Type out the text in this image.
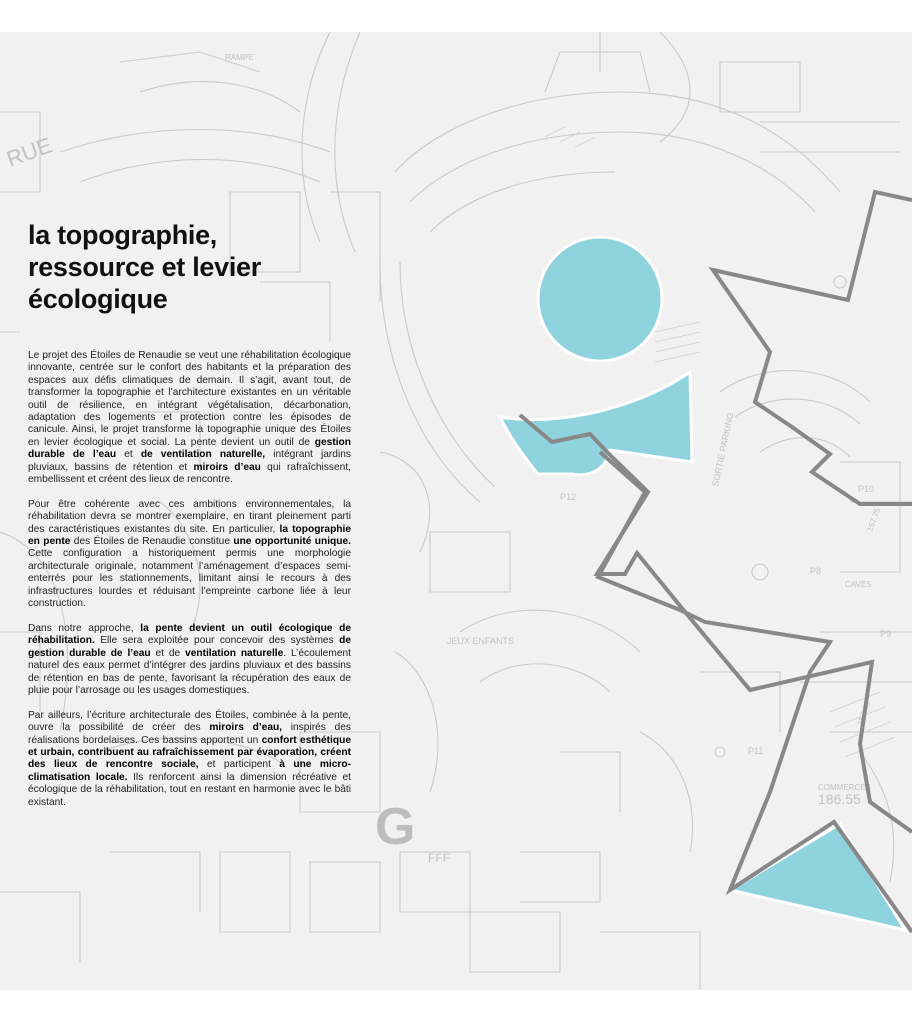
RUE
RAMPE
SORTIE PARKING
JEUX ENFANTS
CAVES
COMMERCES
186.55
157.75
157.45
G
FFF
P8
P9
P10
P11
P12
la topographie,
ressource et levier
écologique

Le projet des Étoiles de Renaudie se veut une réhabilitation écologique innovante, centrée sur le confort des habitants et la préparation des espaces aux défis climatiques de demain. Il s’agit, avant tout, de transformer la topographie et l’architecture existantes en un véritable outil de résilience, en intégrant végétalisation, décarbonation, adaptation des logements et protection contre les épisodes de canicule. Ainsi, le projet transforme la topographie unique des Étoiles en levier écologique et social. La pente devient un outil de gestion durable de l’eau et de ventilation naturelle, intégrant jardins pluviaux, bassins de rétention et miroirs d’eau qui rafraîchissent, embellissent et créent des lieux de rencontre.

Pour être cohérente avec ces ambitions environnementales, la réhabilitation devra se montrer exemplaire, en tirant pleinement parti des caractéristiques existantes du site. En particulier, la topographie en pente des Étoiles de Renaudie constitue une opportunité unique. Cette configuration a historiquement permis une morphologie architecturale originale, notamment l’aménagement d’espaces semi-enterrés pour les stationnements, limitant ainsi le recours à des infrastructures lourdes et réduisant l’empreinte carbone liée à leur construction.

Dans notre approche, la pente devient un outil écologique de réhabilitation. Elle sera exploitée pour concevoir des systèmes de gestion durable de l’eau et de ventilation naturelle. L’écoulement naturel des eaux permet d’intégrer des jardins pluviaux et des bassins de rétention en bas de pente, favorisant la récupération des eaux de pluie pour l’arrosage ou les usages domestiques.

Par ailleurs, l’écriture architecturale des Étoiles, combinée à la pente, ouvre la possibilité de créer des miroirs d’eau, inspirés des réalisations bordelaises. Ces bassins apportent un confort esthétique et urbain, contribuent au rafraîchissement par évaporation, créent des lieux de rencontre sociale, et participent à une micro-climatisation locale. Ils renforcent ainsi la dimension récréative et écologique de la réhabilitation, tout en restant en harmonie avec le bâti existant.
